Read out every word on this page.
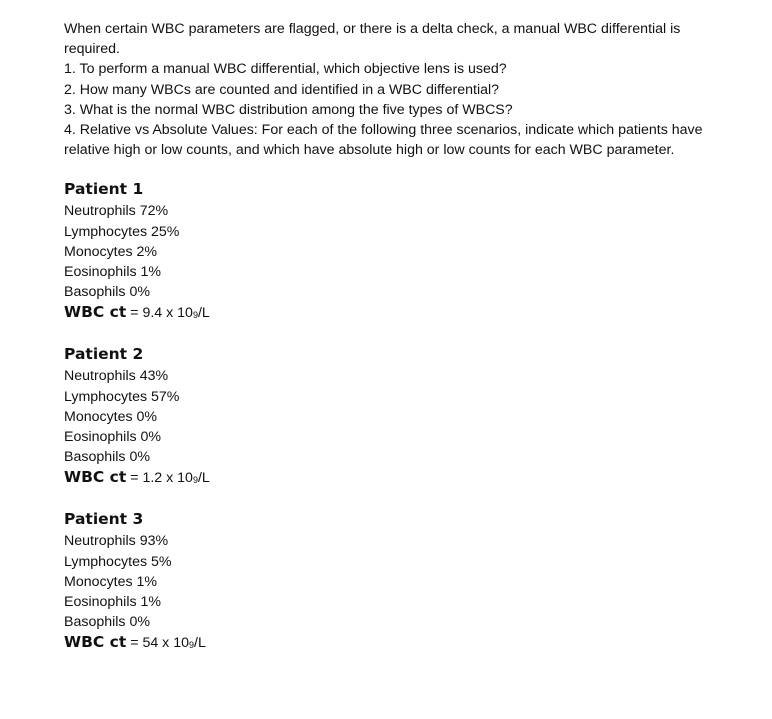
When certain WBC parameters are flagged, or there is a delta check, a manual WBC differential is required.

1. To perform a manual WBC differential, which objective lens is used?

2. How many WBCs are counted and identified in a WBC differential?

3. What is the normal WBC distribution among the five types of WBCS?

4. Relative vs Absolute Values: For each of the following three scenarios, indicate which patients have relative high or low counts, and which have absolute high or low counts for each WBC parameter.

Patient 1
Neutrophils 72%
Lymphocytes 25%
Monocytes 2%
Eosinophils 1%
Basophils 0%
WBC ct = 9.4 x $10^9/L$
Patient 2
Neutrophils 43%
Lymphocytes 57%
Monocytes 0%
Eosinophils 0%
Basophils 0%
WBC ct = 1.2 x $10^9/L$
Patient 3
Neutrophils 93%
Lymphocytes 5%
Monocytes 1%
Eosinophils 1%
Basophils 0%
WBC ct = 54 x $10^9/L$
